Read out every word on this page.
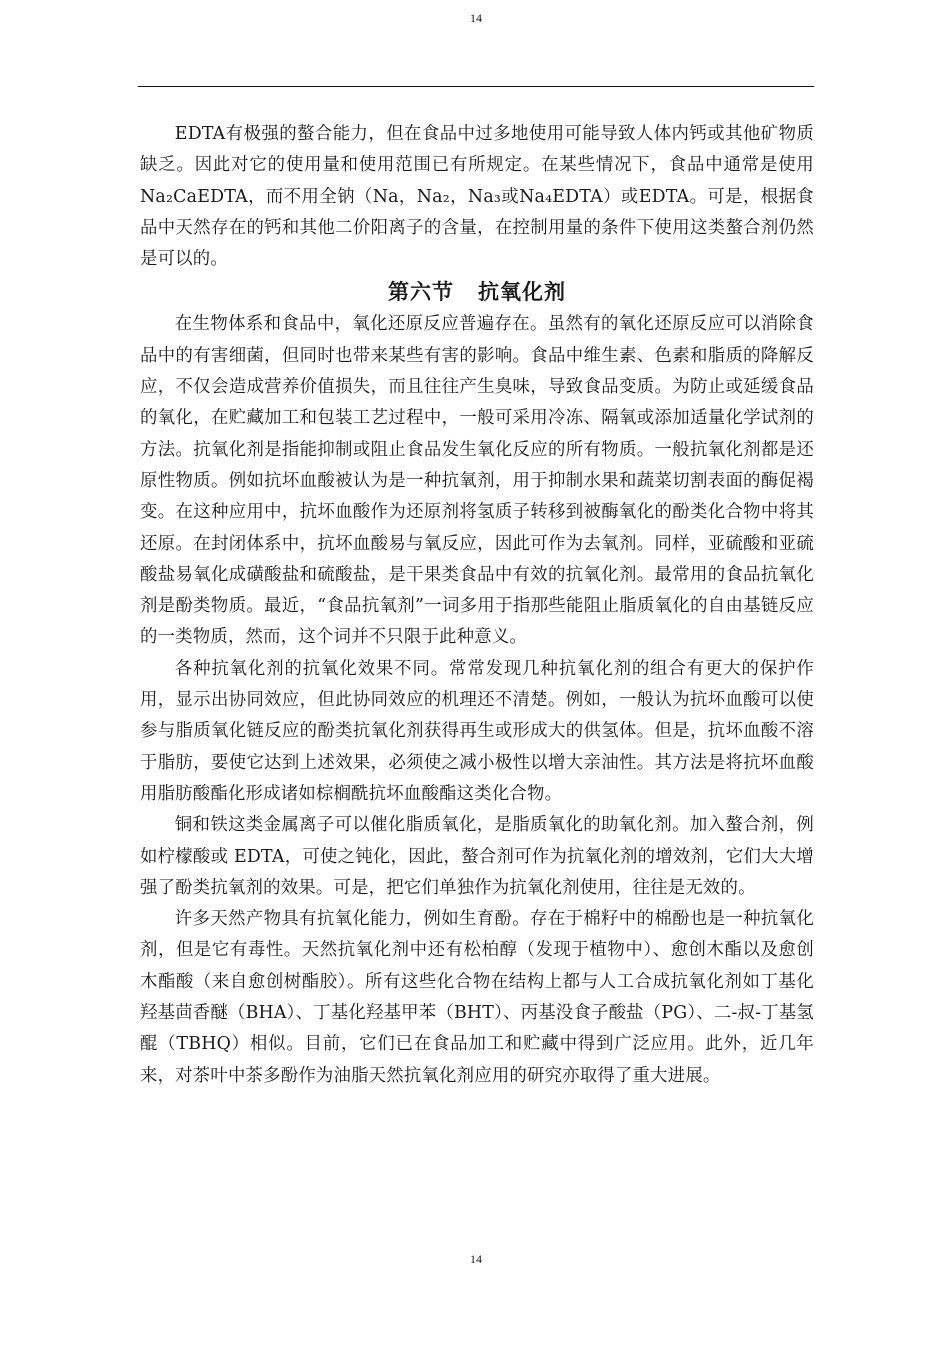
14

EDTA有极强的螯合能力，但在食品中过多地使用可能导致人体内钙或其他矿物质缺乏。因此对它的使用量和使用范围已有所规定。在某些情况下，食品中通常是使用Na₂CaEDTA，而不用全钠（Na，Na₂，Na₃或Na₄EDTA）或EDTA。可是，根据食品中天然存在的钙和其他二价阳离子的含量，在控制用量的条件下使用这类螯合剂仍然是可以的。

第六节 抗氧化剂

在生物体系和食品中，氧化还原反应普遍存在。虽然有的氧化还原反应可以消除食品中的有害细菌，但同时也带来某些有害的影响。食品中维生素、色素和脂质的降解反应，不仅会造成营养价值损失，而且往往产生臭味，导致食品变质。为防止或延缓食品的氧化，在贮藏加工和包装工艺过程中，一般可采用冷冻、隔氧或添加适量化学试剂的方法。抗氧化剂是指能抑制或阻止食品发生氧化反应的所有物质。一般抗氧化剂都是还原性物质。例如抗坏血酸被认为是一种抗氧剂，用于抑制水果和蔬菜切割表面的酶促褐变。在这种应用中，抗坏血酸作为还原剂将氢质子转移到被酶氧化的酚类化合物中将其还原。在封闭体系中，抗坏血酸易与氧反应，因此可作为去氧剂。同样，亚硫酸和亚硫酸盐易氧化成磺酸盐和硫酸盐，是干果类食品中有效的抗氧化剂。最常用的食品抗氧化剂是酚类物质。最近，“食品抗氧剂”一词多用于指那些能阻止脂质氧化的自由基链反应的一类物质，然而，这个词并不只限于此种意义。

各种抗氧化剂的抗氧化效果不同。常常发现几种抗氧化剂的组合有更大的保护作用，显示出协同效应，但此协同效应的机理还不清楚。例如，一般认为抗坏血酸可以使参与脂质氧化链反应的酚类抗氧化剂获得再生或形成大的供氢体。但是，抗坏血酸不溶于脂肪，要使它达到上述效果，必须使之减小极性以增大亲油性。其方法是将抗坏血酸用脂肪酸酯化形成诸如棕榈酰抗坏血酸酯这类化合物。

铜和铁这类金属离子可以催化脂质氧化，是脂质氧化的助氧化剂。加入螯合剂，例如柠檬酸或 EDTA，可使之钝化，因此，螯合剂可作为抗氧化剂的增效剂，它们大大增强了酚类抗氧剂的效果。可是，把它们单独作为抗氧化剂使用，往往是无效的。

许多天然产物具有抗氧化能力，例如生育酚。存在于棉籽中的棉酚也是一种抗氧化剂，但是它有毒性。天然抗氧化剂中还有松柏醇（发现于植物中）、愈创木酯以及愈创木酯酸（来自愈创树酯胶）。所有这些化合物在结构上都与人工合成抗氧化剂如丁基化羟基茴香醚（BHA）、丁基化羟基甲苯（BHT）、丙基没食子酸盐（PG）、二-叔-丁基氢醌（TBHQ）相似。目前，它们已在食品加工和贮藏中得到广泛应用。此外，近几年来，对茶叶中茶多酚作为油脂天然抗氧化剂应用的研究亦取得了重大进展。

14
